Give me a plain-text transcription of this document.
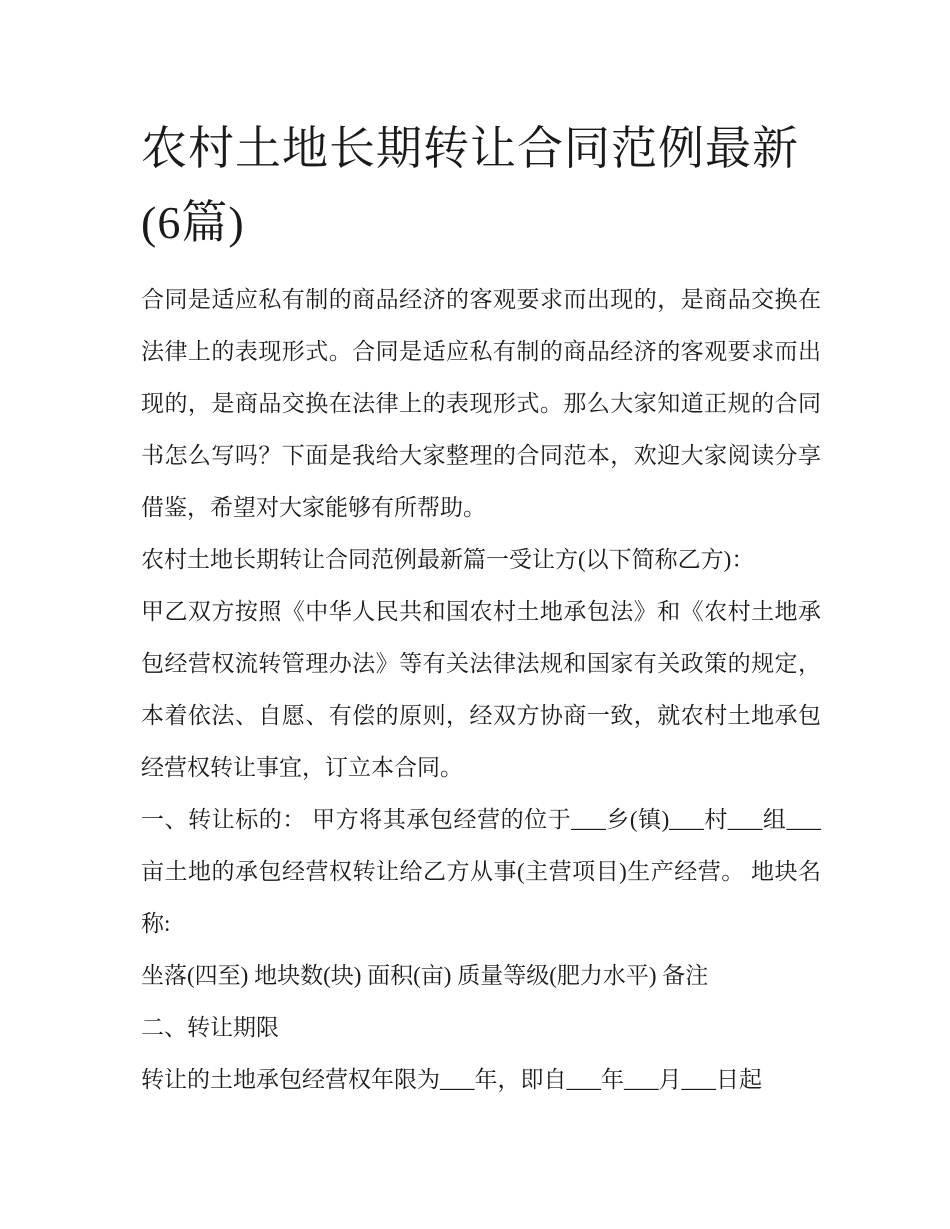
农村土地长期转让合同范例最新(6篇)

合同是适应私有制的商品经济的客观要求而出现的，是商品交换在法律上的表现形式。合同是适应私有制的商品经济的客观要求而出现的，是商品交换在法律上的表现形式。那么大家知道正规的合同书怎么写吗？下面是我给大家整理的合同范本，欢迎大家阅读分享借鉴，希望对大家能够有所帮助。

农村土地长期转让合同范例最新篇一受让方(以下简称乙方)：

甲乙双方按照《中华人民共和国农村土地承包法》和《农村土地承包经营权流转管理办法》等有关法律法规和国家有关政策的规定，本着依法、自愿、有偿的原则，经双方协商一致，就农村土地承包经营权转让事宜，订立本合同。

一、转让标的： 甲方将其承包经营的位于___乡(镇)___村___组___亩土地的承包经营权转让给乙方从事(主营项目)生产经营。 地块名称:

坐落(四至) 地块数(块) 面积(亩) 质量等级(肥力水平) 备注

二、转让期限

转让的土地承包经营权年限为___年，即自___年___月___日起
